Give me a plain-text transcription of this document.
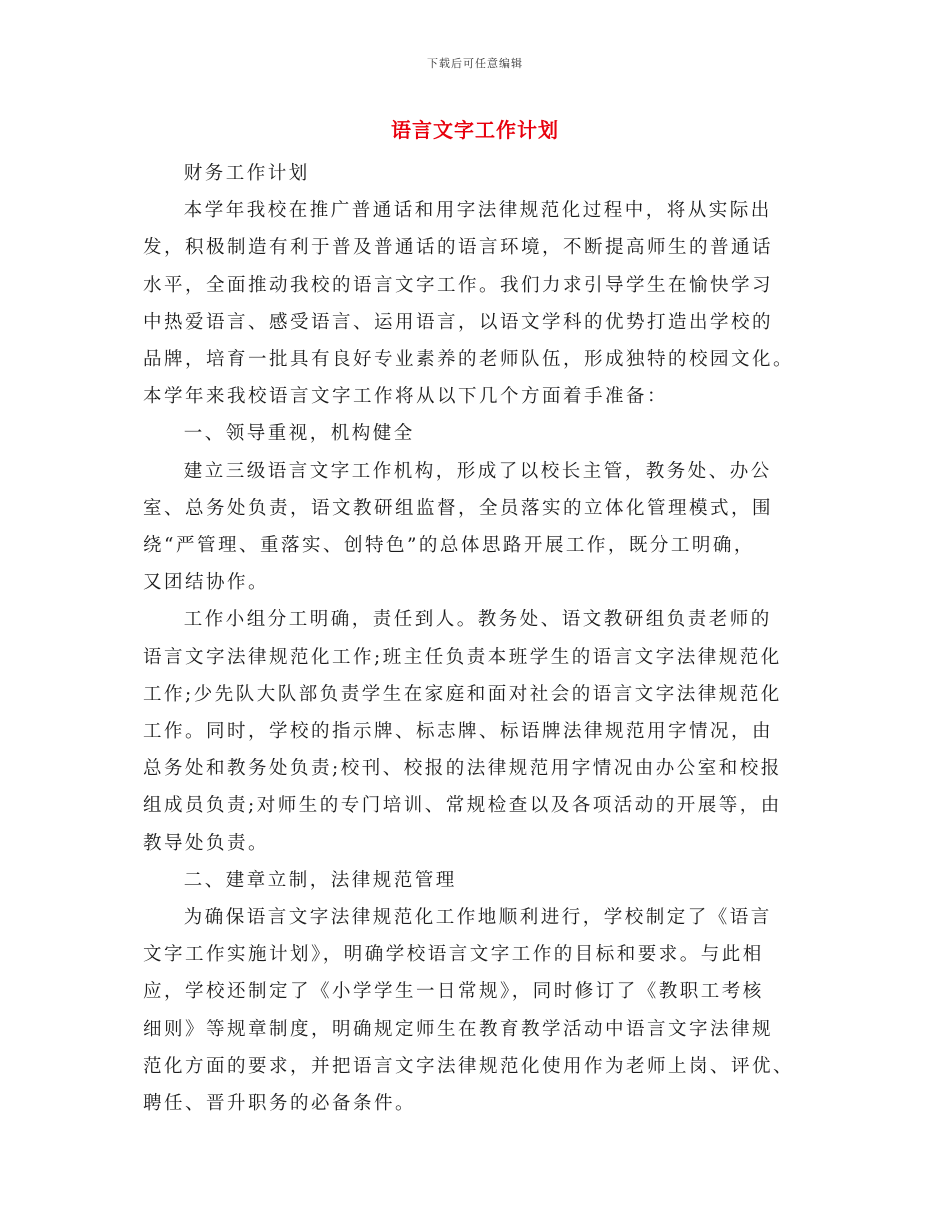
下载后可任意编辑
语言文字工作计划

财务工作计划

本学年我校在推广普通话和用字法律规范化过程中，将从实际出
发，积极制造有利于普及普通话的语言环境，不断提高师生的普通话
水平，全面推动我校的语言文字工作。我们力求引导学生在愉快学习
中热爱语言、感受语言、运用语言，以语文学科的优势打造出学校的
品牌，培育一批具有良好专业素养的老师队伍，形成独特的校园文化。
本学年来我校语言文字工作将从以下几个方面着手准备：

一、领导重视，机构健全

建立三级语言文字工作机构，形成了以校长主管，教务处、办公
室、总务处负责，语文教研组监督，全员落实的立体化管理模式，围
绕“严管理、重落实、创特色”的总体思路开展工作，既分工明确，
又团结协作。

工作小组分工明确，责任到人。教务处、语文教研组负责老师的
语言文字法律规范化工作;班主任负责本班学生的语言文字法律规范化
工作;少先队大队部负责学生在家庭和面对社会的语言文字法律规范化
工作。同时，学校的指示牌、标志牌、标语牌法律规范用字情况，由
总务处和教务处负责;校刊、校报的法律规范用字情况由办公室和校报
组成员负责;对师生的专门培训、常规检查以及各项活动的开展等，由
教导处负责。

二、建章立制，法律规范管理

为确保语言文字法律规范化工作地顺利进行，学校制定了《语言
文字工作实施计划》，明确学校语言文字工作的目标和要求。与此相
应，学校还制定了《小学学生一日常规》，同时修订了《教职工考核
细则》等规章制度，明确规定师生在教育教学活动中语言文字法律规
范化方面的要求，并把语言文字法律规范化使用作为老师上岗、评优、
聘任、晋升职务的必备条件。
